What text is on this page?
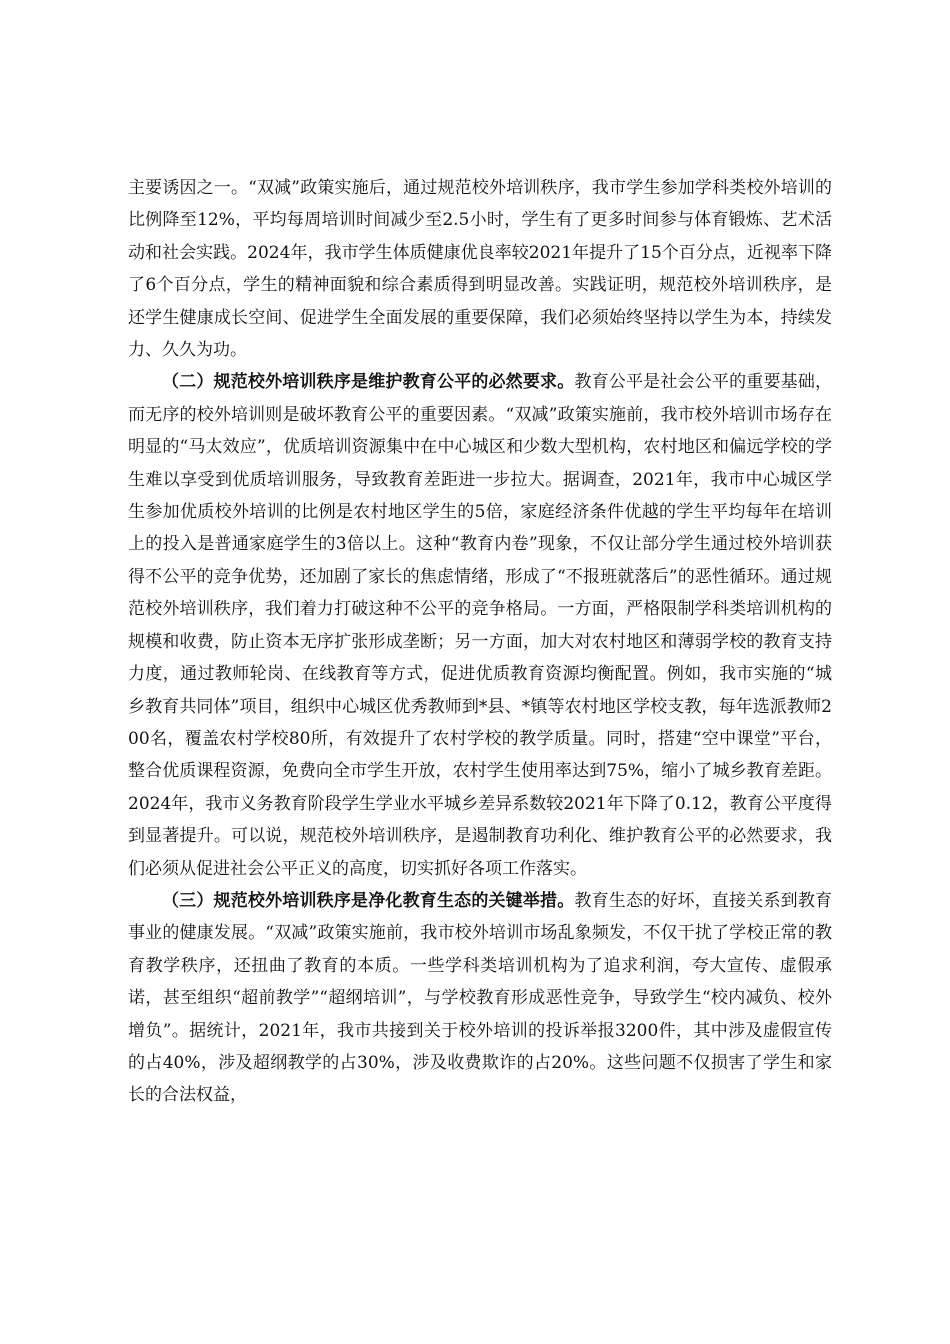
主要诱因之一。“双减”政策实施后，通过规范校外培训秩序，我市学生参加学科类校外培训的比例降至12%，平均每周培训时间减少至2.5小时，学生有了更多时间参与体育锻炼、艺术活动和社会实践。2024年，我市学生体质健康优良率较2021年提升了15个百分点，近视率下降了6个百分点，学生的精神面貌和综合素质得到明显改善。实践证明，规范校外培训秩序，是还学生健康成长空间、促进学生全面发展的重要保障，我们必须始终坚持以学生为本，持续发力、久久为功。

（二）规范校外培训秩序是维护教育公平的必然要求。教育公平是社会公平的重要基础，而无序的校外培训则是破坏教育公平的重要因素。“双减”政策实施前，我市校外培训市场存在明显的“马太效应”，优质培训资源集中在中心城区和少数大型机构，农村地区和偏远学校的学生难以享受到优质培训服务，导致教育差距进一步拉大。据调查，2021年，我市中心城区学生参加优质校外培训的比例是农村地区学生的5倍，家庭经济条件优越的学生平均每年在培训上的投入是普通家庭学生的3倍以上。这种“教育内卷”现象，不仅让部分学生通过校外培训获得不公平的竞争优势，还加剧了家长的焦虑情绪，形成了“不报班就落后”的恶性循环。通过规范校外培训秩序，我们着力打破这种不公平的竞争格局。一方面，严格限制学科类培训机构的规模和收费，防止资本无序扩张形成垄断；另一方面，加大对农村地区和薄弱学校的教育支持力度，通过教师轮岗、在线教育等方式，促进优质教育资源均衡配置。例如，我市实施的“城乡教育共同体”项目，组织中心城区优秀教师到*县、*镇等农村地区学校支教，每年选派教师200名，覆盖农村学校80所，有效提升了农村学校的教学质量。同时，搭建“空中课堂”平台，整合优质课程资源，免费向全市学生开放，农村学生使用率达到75%，缩小了城乡教育差距。2024年，我市义务教育阶段学生学业水平城乡差异系数较2021年下降了0.12，教育公平度得到显著提升。可以说，规范校外培训秩序，是遏制教育功利化、维护教育公平的必然要求，我们必须从促进社会公平正义的高度，切实抓好各项工作落实。

（三）规范校外培训秩序是净化教育生态的关键举措。教育生态的好坏，直接关系到教育事业的健康发展。“双减”政策实施前，我市校外培训市场乱象频发，不仅干扰了学校正常的教育教学秩序，还扭曲了教育的本质。一些学科类培训机构为了追求利润，夸大宣传、虚假承诺，甚至组织“超前教学”“超纲培训”，与学校教育形成恶性竞争，导致学生“校内减负、校外增负”。据统计，2021年，我市共接到关于校外培训的投诉举报3200件，其中涉及虚假宣传的占40%，涉及超纲教学的占30%，涉及收费欺诈的占20%。这些问题不仅损害了学生和家长的合法权益，
